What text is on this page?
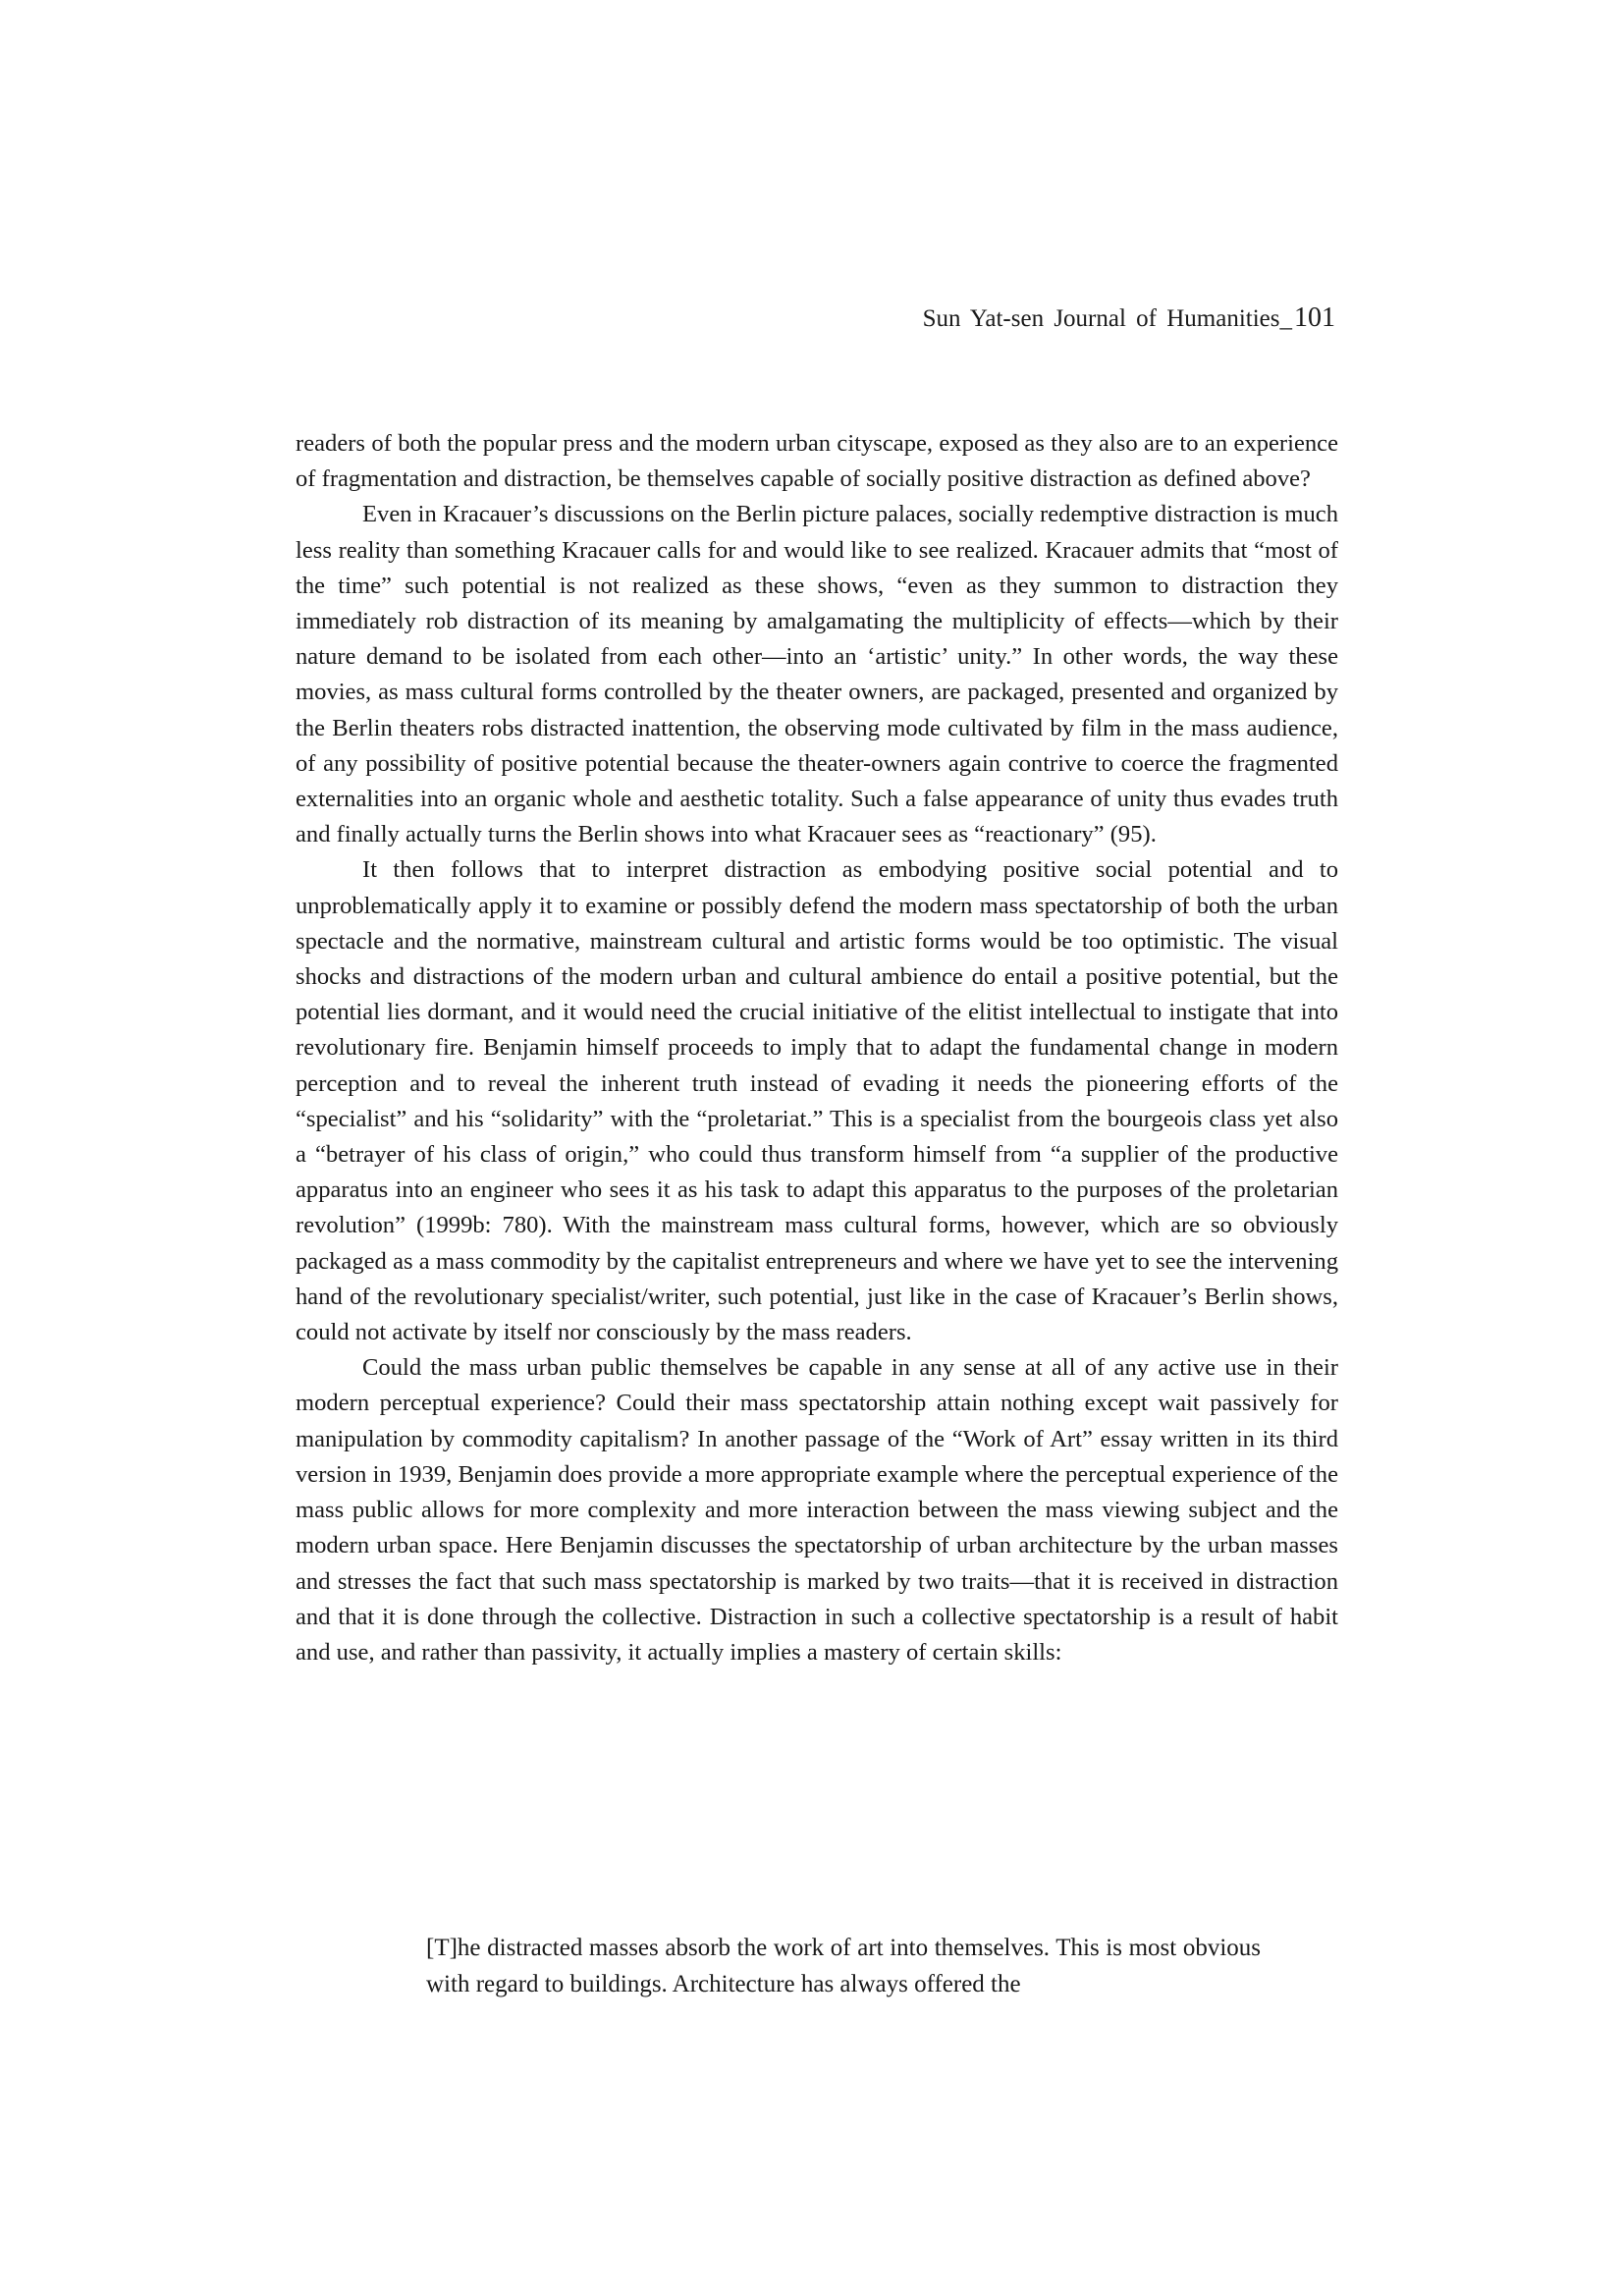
Sun Yat-sen Journal of Humanities_101

readers of both the popular press and the modern urban cityscape, exposed as they also are to an experience of fragmentation and distraction, be themselves capable of socially positive distraction as defined above?

Even in Kracauer’s discussions on the Berlin picture palaces, socially redemptive distraction is much less reality than something Kracauer calls for and would like to see realized. Kracauer admits that “most of the time” such potential is not realized as these shows, “even as they summon to distraction they immediately rob distraction of its meaning by amalgamating the multiplicity of effects—which by their nature demand to be isolated from each other—into an ‘artistic’ unity.” In other words, the way these movies, as mass cultural forms controlled by the theater owners, are packaged, presented and organized by the Berlin theaters robs distracted inattention, the observing mode cultivated by film in the mass audience, of any possibility of positive potential because the theater-owners again contrive to coerce the fragmented externalities into an organic whole and aesthetic totality. Such a false appearance of unity thus evades truth and finally actually turns the Berlin shows into what Kracauer sees as “reactionary” (95).

It then follows that to interpret distraction as embodying positive social potential and to unproblematically apply it to examine or possibly defend the modern mass spectatorship of both the urban spectacle and the normative, mainstream cultural and artistic forms would be too optimistic. The visual shocks and distractions of the modern urban and cultural ambience do entail a positive potential, but the potential lies dormant, and it would need the crucial initiative of the elitist intellectual to instigate that into revolutionary fire. Benjamin himself proceeds to imply that to adapt the fundamental change in modern perception and to reveal the inherent truth instead of evading it needs the pioneering efforts of the “specialist” and his “solidarity” with the “proletariat.” This is a specialist from the bourgeois class yet also a “betrayer of his class of origin,” who could thus transform himself from “a supplier of the productive apparatus into an engineer who sees it as his task to adapt this apparatus to the purposes of the proletarian revolution” (1999b: 780). With the mainstream mass cultural forms, however, which are so obviously packaged as a mass commodity by the capitalist entrepreneurs and where we have yet to see the intervening hand of the revolutionary specialist/writer, such potential, just like in the case of Kracauer’s Berlin shows, could not activate by itself nor consciously by the mass readers.

Could the mass urban public themselves be capable in any sense at all of any active use in their modern perceptual experience? Could their mass spectatorship attain nothing except wait passively for manipulation by commodity capitalism? In another passage of the “Work of Art” essay written in its third version in 1939, Benjamin does provide a more appropriate example where the perceptual experience of the mass public allows for more complexity and more interaction between the mass viewing subject and the modern urban space. Here Benjamin discusses the spectatorship of urban architecture by the urban masses and stresses the fact that such mass spectatorship is marked by two traits—that it is received in distraction and that it is done through the collective. Distraction in such a collective spectatorship is a result of habit and use, and rather than passivity, it actually implies a mastery of certain skills:

[T]he distracted masses absorb the work of art into themselves. This is most obvious with regard to buildings. Architecture has always offered the
